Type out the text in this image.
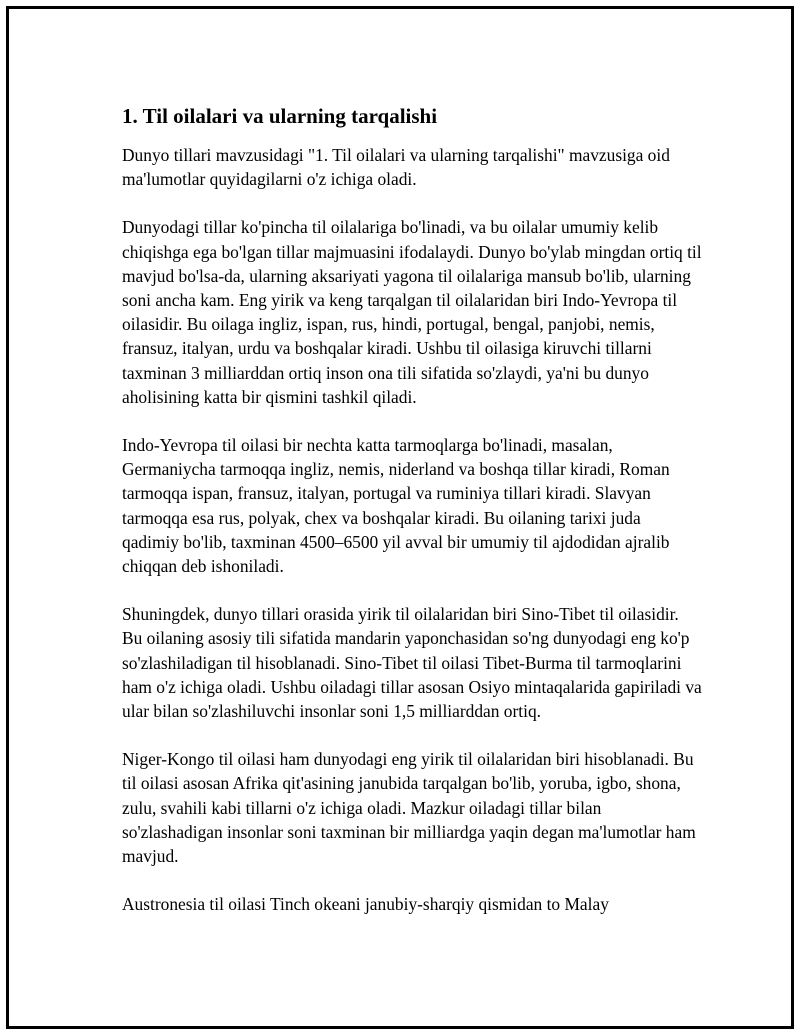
1. Til oilalari va ularning tarqalishi

Dunyo tillari mavzusidagi "1. Til oilalari va ularning tarqalishi" mavzusiga oid ma'lumotlar quyidagilarni o'z ichiga oladi.

Dunyodagi tillar ko'pincha til oilalariga bo'linadi, va bu oilalar umumiy kelib chiqishga ega bo'lgan tillar majmuasini ifodalaydi. Dunyo bo'ylab mingdan ortiq til mavjud bo'lsa-da, ularning aksariyati yagona til oilalariga mansub bo'lib, ularning soni ancha kam. Eng yirik va keng tarqalgan til oilalaridan biri Indo-Yevropa til oilasidir. Bu oilaga ingliz, ispan, rus, hindi, portugal, bengal, panjobi, nemis, fransuz, italyan, urdu va boshqalar kiradi. Ushbu til oilasiga kiruvchi tillarni taxminan 3 milliarddan ortiq inson ona tili sifatida so'zlaydi, ya'ni bu dunyo aholisining katta bir qismini tashkil qiladi.

Indo-Yevropa til oilasi bir nechta katta tarmoqlarga bo'linadi, masalan, Germaniycha tarmoqqa ingliz, nemis, niderland va boshqa tillar kiradi, Roman tarmoqqa ispan, fransuz, italyan, portugal va ruminiya tillari kiradi. Slavyan tarmoqqa esa rus, polyak, chex va boshqalar kiradi. Bu oilaning tarixi juda qadimiy bo'lib, taxminan 4500–6500 yil avval bir umumiy til ajdodidan ajralib chiqqan deb ishoniladi.

Shuningdek, dunyo tillari orasida yirik til oilalaridan biri Sino-Tibet til oilasidir. Bu oilaning asosiy tili sifatida mandarin yaponchasidan so'ng dunyodagi eng ko'p so'zlashiladigan til hisoblanadi. Sino-Tibet til oilasi Tibet-Burma til tarmoqlarini ham o'z ichiga oladi. Ushbu oiladagi tillar asosan Osiyo mintaqalarida gapiriladi va ular bilan so'zlashiluvchi insonlar soni 1,5 milliarddan ortiq.

Niger-Kongo til oilasi ham dunyodagi eng yirik til oilalaridan biri hisoblanadi. Bu til oilasi asosan Afrika qit'asining janubida tarqalgan bo'lib, yoruba, igbo, shona, zulu, svahili kabi tillarni o'z ichiga oladi. Mazkur oiladagi tillar bilan so'zlashadigan insonlar soni taxminan bir milliardga yaqin degan ma'lumotlar ham mavjud.

Austronesia til oilasi Tinch okeani janubiy-sharqiy qismidan to Malay
